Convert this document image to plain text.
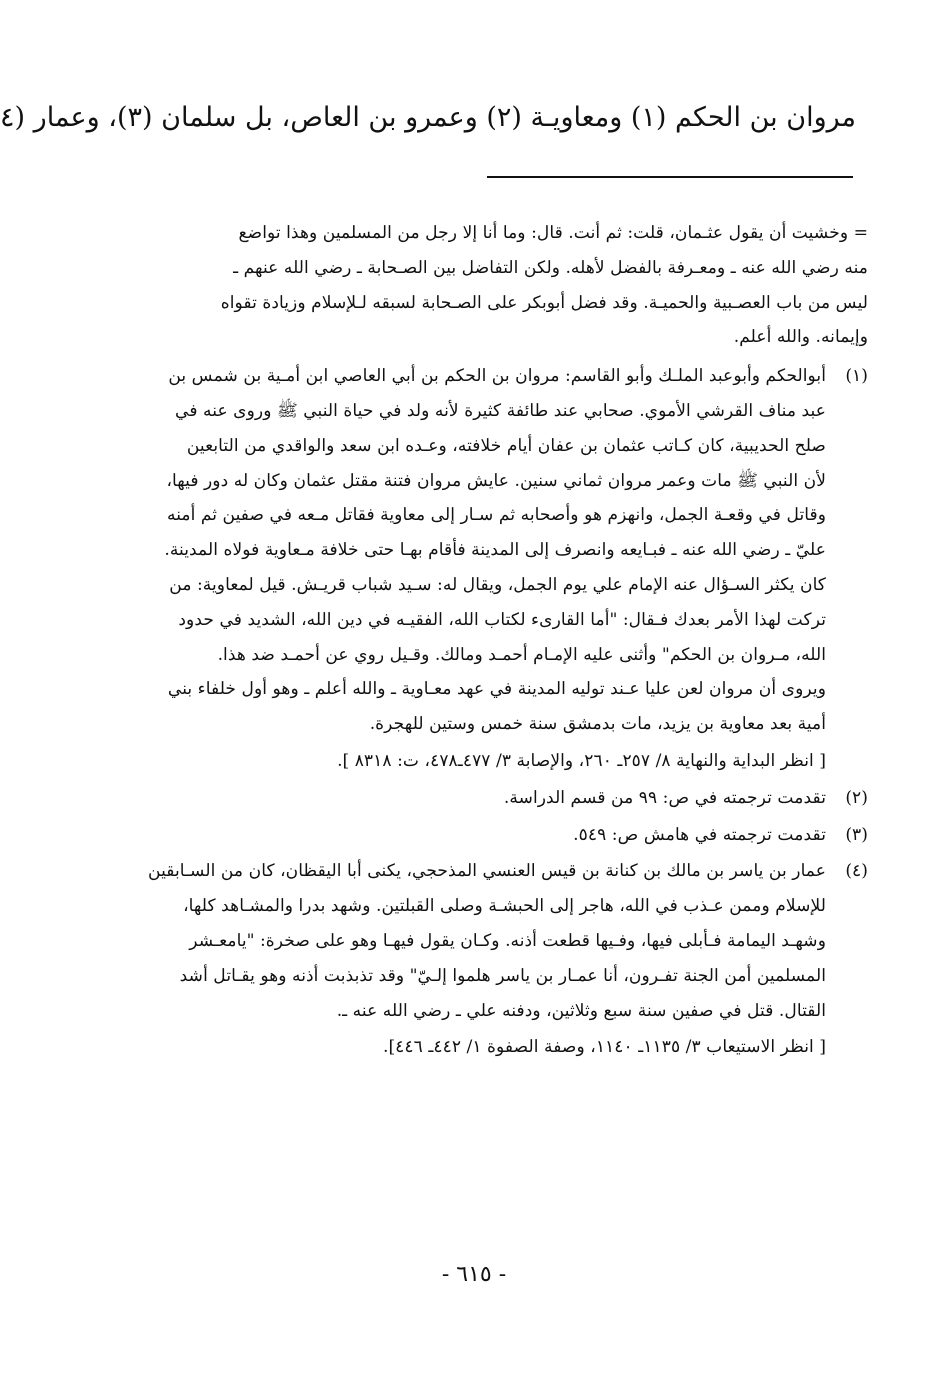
مروان بن الحكم (١) ومعاويـة (٢) وعمرو بن العاص، بل سلمان (٣)، وعمار (٤
= وخشيت أن يقول عثـمان، قلت: ثم أنت. قال: وما أنا إلا رجل من المسلمين وهذا تواضع
منه رضي الله عنه ـ ومعـرفة بالفضل لأهله. ولكن التفاضل بين الصـحابة ـ رضي الله عنهم ـ
ليس من باب العصـبية والحميـة. وقد فضل أبوبكر على الصـحابة لسبقه لـلإسلام وزيادة تقواه
وإيمانه. والله أعلم.
(١)
أبوالحكم وأبوعبد الملـك وأبو القاسم: مروان بن الحكم بن أبي العاصي ابن أمـية بن شمس بن
عبد مناف القرشي الأموي. صحابي عند طائفة كثيرة لأنه ولد في حياة النبي ﷺ وروى عنه في
صلح الحديبية، كان كـاتب عثمان بن عفان أيام خلافته، وعـده ابن سعد والواقدي من التابعين
لأن النبي ﷺ مات وعمر مروان ثماني سنين. عايش مروان فتنة مقتل عثمان وكان له دور فيها،
وقاتل في وقعـة الجمل، وانهزم هو وأصحابه ثم سـار إلى معاوية فقاتل مـعه في صفين ثم أمنه
عليّ ـ رضي الله عنه ـ فبـايعه وانصرف إلى المدينة فأقام بهـا حتى خلافة مـعاوية فولاه المدينة.
كان يكثر السـؤال عنه الإمام علي يوم الجمل، ويقال له: سـيد شباب قريـش. قيل لمعاوية: من
تركت لهذا الأمر بعدك فـقال: "أما القارىء لكتاب الله، الفقيـه في دين الله، الشديد في حدود
الله، مـروان بن الحكم" وأثنى عليه الإمـام أحمـد ومالك. وقـيل روي عن أحمـد ضد هذا.
ويروى أن مروان لعن عليا عـند توليه المدينة في عهد معـاوية ـ والله أعلم ـ وهو أول خلفاء بني
أمية بعد معاوية بن يزيد، مات بدمشق سنة خمس وستين للهجرة.
[ انظر البداية والنهاية ٨/ ٢٥٧ـ ٢٦٠، والإصابة ٣/ ٤٧٧ـ٤٧٨، ت: ٨٣١٨ ].
(٢)
تقدمت ترجمته في ص: ٩٩ من قسم الدراسة.
(٣)
تقدمت ترجمته في هامش ص: ٥٤٩.
(٤)
عمار بن ياسر بن مالك بن كنانة بن قيس العنسي المذحجي، يكنى أبا اليقظان، كان من السـابقين
للإسلام وممن عـذب في الله، هاجر إلى الحبشـة وصلى القبلتين. وشهد بدرا والمشـاهد كلها،
وشهـد اليمامة فـأبلى فيها، وفـيها قطعت أذنه. وكـان يقول فيهـا وهو على صخرة: "يامعـشر
المسلمين أمن الجنة تفـرون، أنا عمـار بن ياسر هلموا إلـيّ" وقد تذبذبت أذنه وهو يقـاتل أشد
القتال. قتل في صفين سنة سبع وثلاثين، ودفنه علي ـ رضي الله عنه ـ.
[ انظر الاستيعاب ٣/ ١١٣٥ـ ١١٤٠، وصفة الصفوة ١/ ٤٤٢ـ ٤٤٦].
- ٦١٥ -
